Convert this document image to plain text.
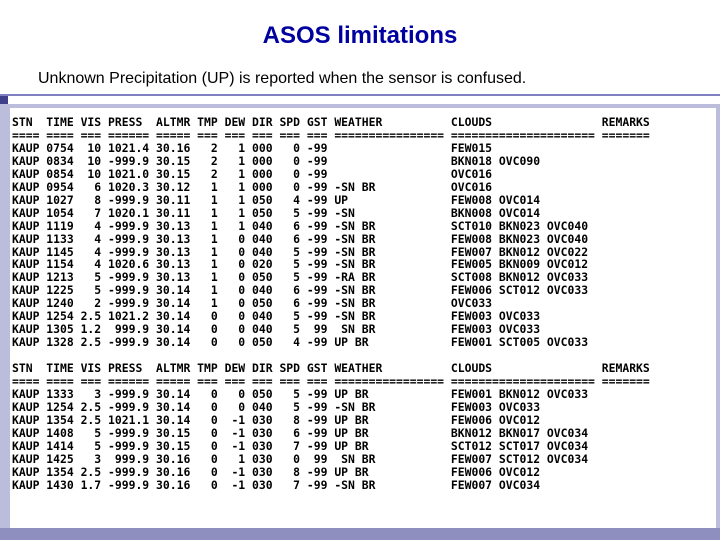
ASOS limitations
Unknown Precipitation (UP) is reported when the sensor is confused.
STN  TIME VIS PRESS  ALTMR TMP DEW DIR SPD GST WEATHER          CLOUDS                REMARKS
==== ==== === ====== ===== === === === === === ================ ===================== =======
KAUP 0754  10 1021.4 30.16   2   1 000   0 -99                  FEW015
KAUP 0834  10 -999.9 30.15   2   1 000   0 -99                  BKN018 OVC090
KAUP 0854  10 1021.0 30.15   2   1 000   0 -99                  OVC016
KAUP 0954   6 1020.3 30.12   1   1 000   0 -99 -SN BR           OVC016
KAUP 1027   8 -999.9 30.11   1   1 050   4 -99 UP               FEW008 OVC014
KAUP 1054   7 1020.1 30.11   1   1 050   5 -99 -SN              BKN008 OVC014
KAUP 1119   4 -999.9 30.13   1   1 040   6 -99 -SN BR           SCT010 BKN023 OVC040
KAUP 1133   4 -999.9 30.13   1   0 040   6 -99 -SN BR           FEW008 BKN023 OVC040
KAUP 1145   4 -999.9 30.13   1   0 040   5 -99 -SN BR           FEW007 BKN012 OVC022
KAUP 1154   4 1020.6 30.13   1   0 020   5 -99 -SN BR           FEW005 BKN009 OVC012
KAUP 1213   5 -999.9 30.13   1   0 050   5 -99 -RA BR           SCT008 BKN012 OVC033
KAUP 1225   5 -999.9 30.14   1   0 040   6 -99 -SN BR           FEW006 SCT012 OVC033
KAUP 1240   2 -999.9 30.14   1   0 050   6 -99 -SN BR           OVC033
KAUP 1254 2.5 1021.2 30.14   0   0 040   5 -99 -SN BR           FEW003 OVC033
KAUP 1305 1.2  999.9 30.14   0   0 040   5  99  SN BR           FEW003 OVC033
KAUP 1328 2.5 -999.9 30.14   0   0 050   4 -99 UP BR            FEW001 SCT005 OVC033

STN  TIME VIS PRESS  ALTMR TMP DEW DIR SPD GST WEATHER          CLOUDS                REMARKS
==== ==== === ====== ===== === === === === === ================ ===================== =======
KAUP 1333   3 -999.9 30.14   0   0 050   5 -99 UP BR            FEW001 BKN012 OVC033
KAUP 1254 2.5 -999.9 30.14   0   0 040   5 -99 -SN BR           FEW003 OVC033
KAUP 1354 2.5 1021.1 30.14   0  -1 030   8 -99 UP BR            FEW006 OVC012
KAUP 1408   5 -999.9 30.15   0  -1 030   6 -99 UP BR            BKN012 BKN017 OVC034
KAUP 1414   5 -999.9 30.15   0  -1 030   7 -99 UP BR            SCT012 SCT017 OVC034
KAUP 1425   3  999.9 30.16   0   1 030   0  99  SN BR           FEW007 SCT012 OVC034
KAUP 1354 2.5 -999.9 30.16   0  -1 030   8 -99 UP BR            FEW006 OVC012
KAUP 1430 1.7 -999.9 30.16   0  -1 030   7 -99 -SN BR           FEW007 OVC034
